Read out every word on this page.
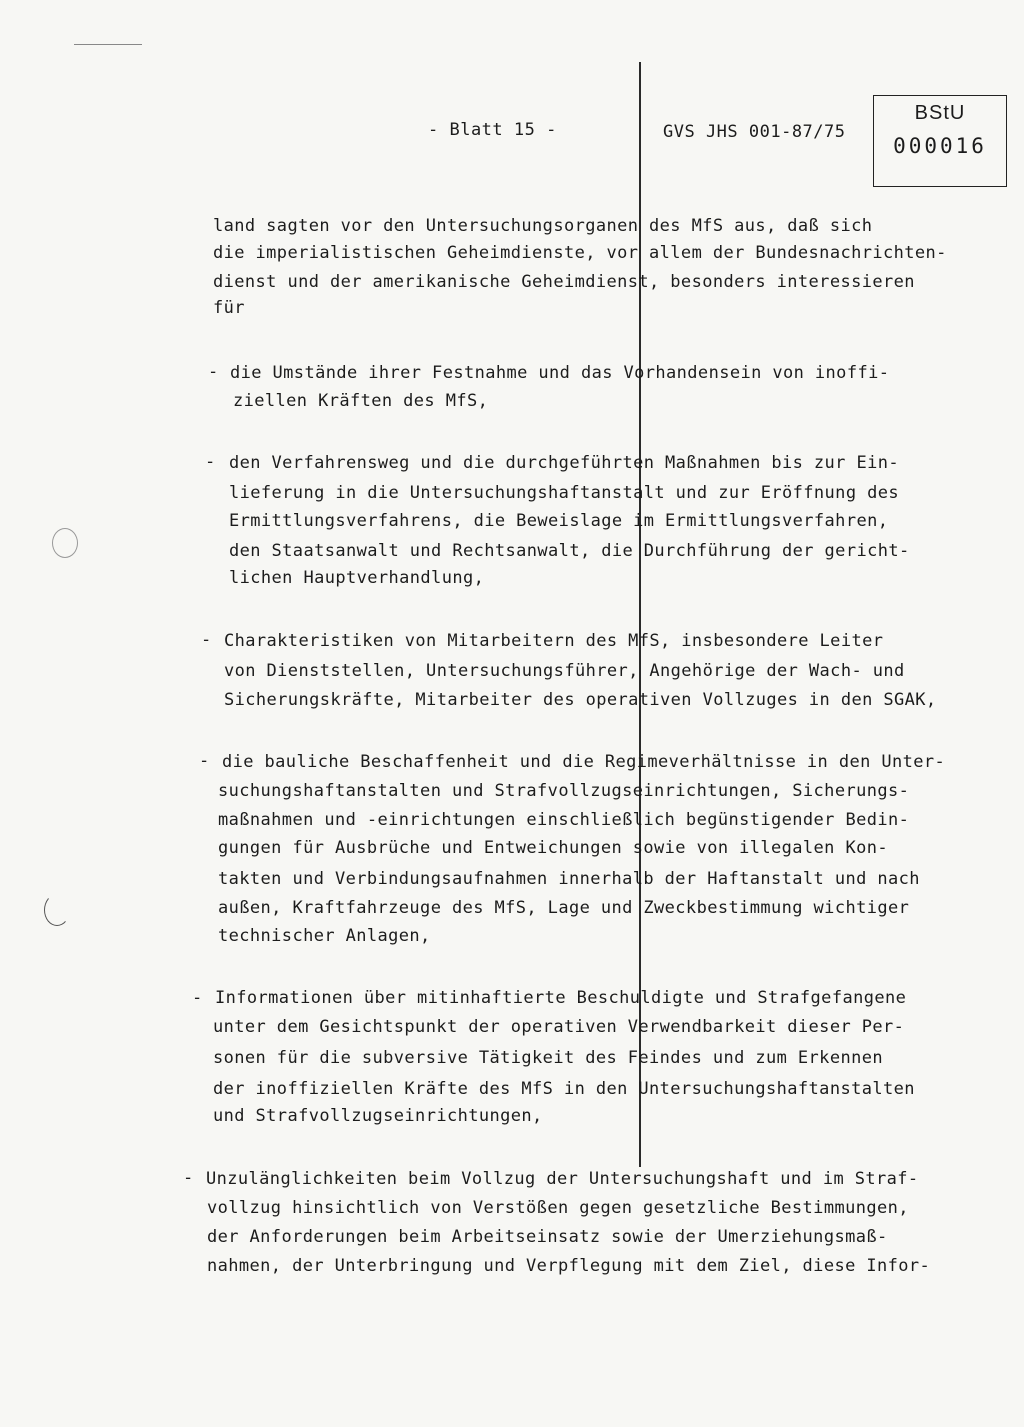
- Blatt 15 -	GVS JHS 001-87/75
BStU
000016
land sagten vor den Untersuchungsorganen des MfS aus, daß sich
die imperialistischen Geheimdienste, vor allem der Bundesnachrichten-
dienst und der amerikanische Geheimdienst, besonders interessieren
für
- die Umstände ihrer Festnahme und das Vorhandensein von inoffi-
ziellen Kräften des MfS,
- den Verfahrensweg und die durchgeführten Maßnahmen bis zur Ein-
lieferung in die Untersuchungshaftanstalt und zur Eröffnung des
Ermittlungsverfahrens, die Beweislage im Ermittlungsverfahren,
den Staatsanwalt und Rechtsanwalt, die Durchführung der gericht-
lichen Hauptverhandlung,
- Charakteristiken von Mitarbeitern des MfS, insbesondere Leiter
von Dienststellen, Untersuchungsführer, Angehörige der Wach- und
Sicherungskräfte, Mitarbeiter des operativen Vollzuges in den SGAK,
- die bauliche Beschaffenheit und die Regimeverhältnisse in den Unter-
suchungshaftanstalten und Strafvollzugseinrichtungen, Sicherungs-
maßnahmen und -einrichtungen einschließlich begünstigender Bedin-
gungen für Ausbrüche und Entweichungen sowie von illegalen Kon-
takten und Verbindungsaufnahmen innerhalb der Haftanstalt und nach
außen, Kraftfahrzeuge des MfS, Lage und Zweckbestimmung wichtiger
technischer Anlagen,
- Informationen über mitinhaftierte Beschuldigte und Strafgefangene
unter dem Gesichtspunkt der operativen Verwendbarkeit dieser Per-
sonen für die subversive Tätigkeit des Feindes und zum Erkennen
der inoffiziellen Kräfte des MfS in den Untersuchungshaftanstalten
und Strafvollzugseinrichtungen,
- Unzulänglichkeiten beim Vollzug der Untersuchungshaft und im Straf-
vollzug hinsichtlich von Verstößen gegen gesetzliche Bestimmungen,
der Anforderungen beim Arbeitseinsatz sowie der Umerziehungsmaß-
nahmen, der Unterbringung und Verpflegung mit dem Ziel, diese Infor-
